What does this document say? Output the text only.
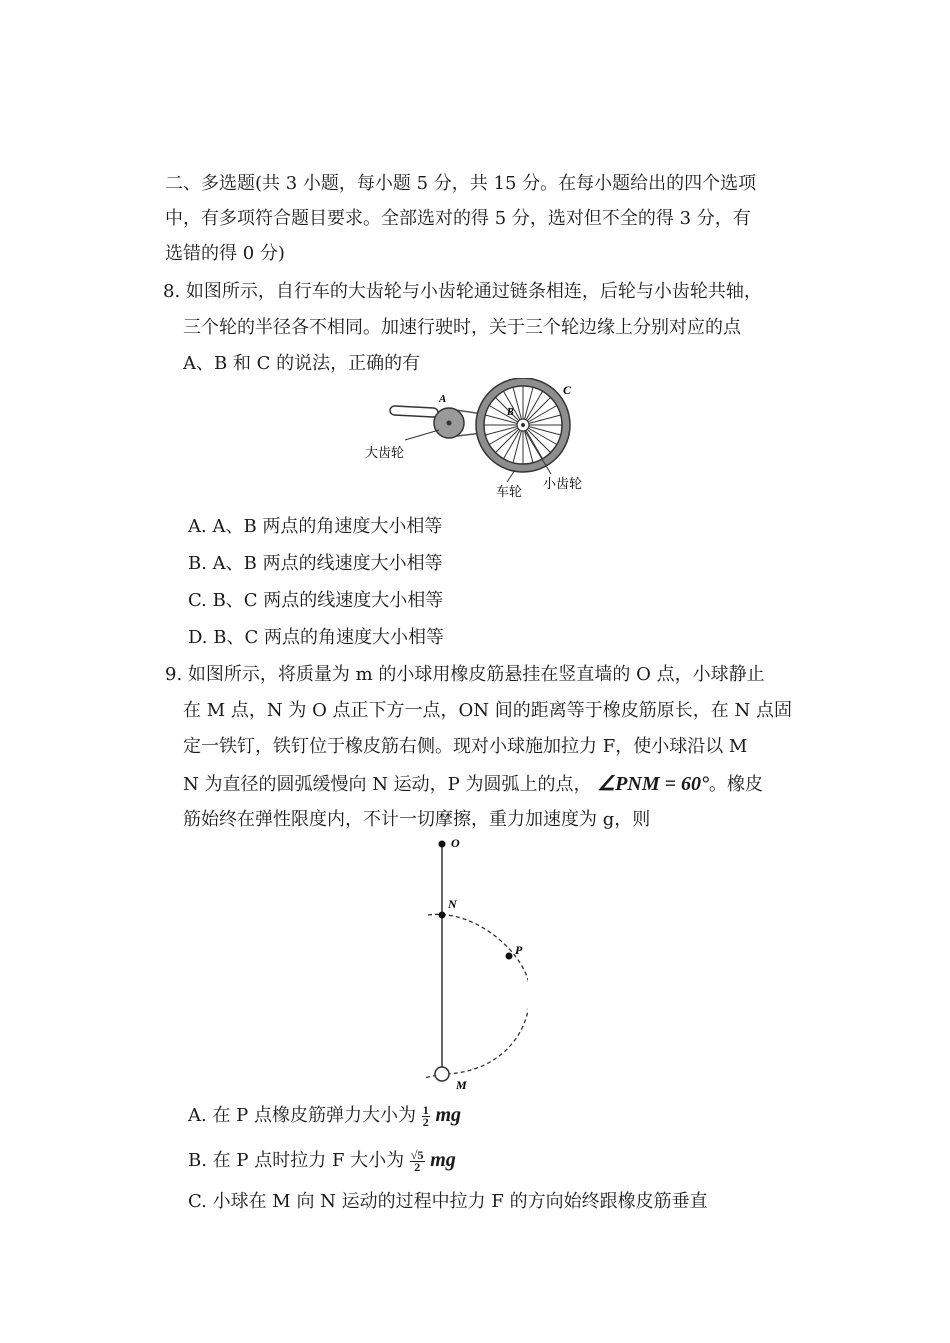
二、多选题(共 3 小题，每小题 5 分，共 15 分。在每小题给出的四个选项
中，有多项符合题目要求。全部选对的得 5 分，选对但不全的得 3 分，有
选错的得 0 分)
8. 如图所示，自行车的大齿轮与小齿轮通过链条相连，后轮与小齿轮共轴，
三个轮的半径各不相同。加速行驶时，关于三个轮边缘上分别对应的点
A、B 和 C 的说法，正确的有
A
B
C
大齿轮
车轮
小齿轮
A. A、B 两点的角速度大小相等
B. A、B 两点的线速度大小相等
C. B、C 两点的线速度大小相等
D. B、C 两点的角速度大小相等
9. 如图所示，将质量为 m 的小球用橡皮筋悬挂在竖直墙的 O 点，小球静止
在 M 点，N 为 O 点正下方一点，ON 间的距离等于橡皮筋原长，在 N 点固
定一铁钉，铁钉位于橡皮筋右侧。现对小球施加拉力 F，使小球沿以 M
N 为直径的圆弧缓慢向 N 运动，P 为圆弧上的点， ∠PNM = 60°。橡皮
筋始终在弹性限度内，不计一切摩擦，重力加速度为 g，则
O
N
P
M
A. 在 P 点橡皮筋弹力大小为 $\frac{1}{2}$ mg
B. 在 P 点时拉力 F 大小为 $\frac{√5}{2}$ mg
C. 小球在 M 向 N 运动的过程中拉力 F 的方向始终跟橡皮筋垂直
